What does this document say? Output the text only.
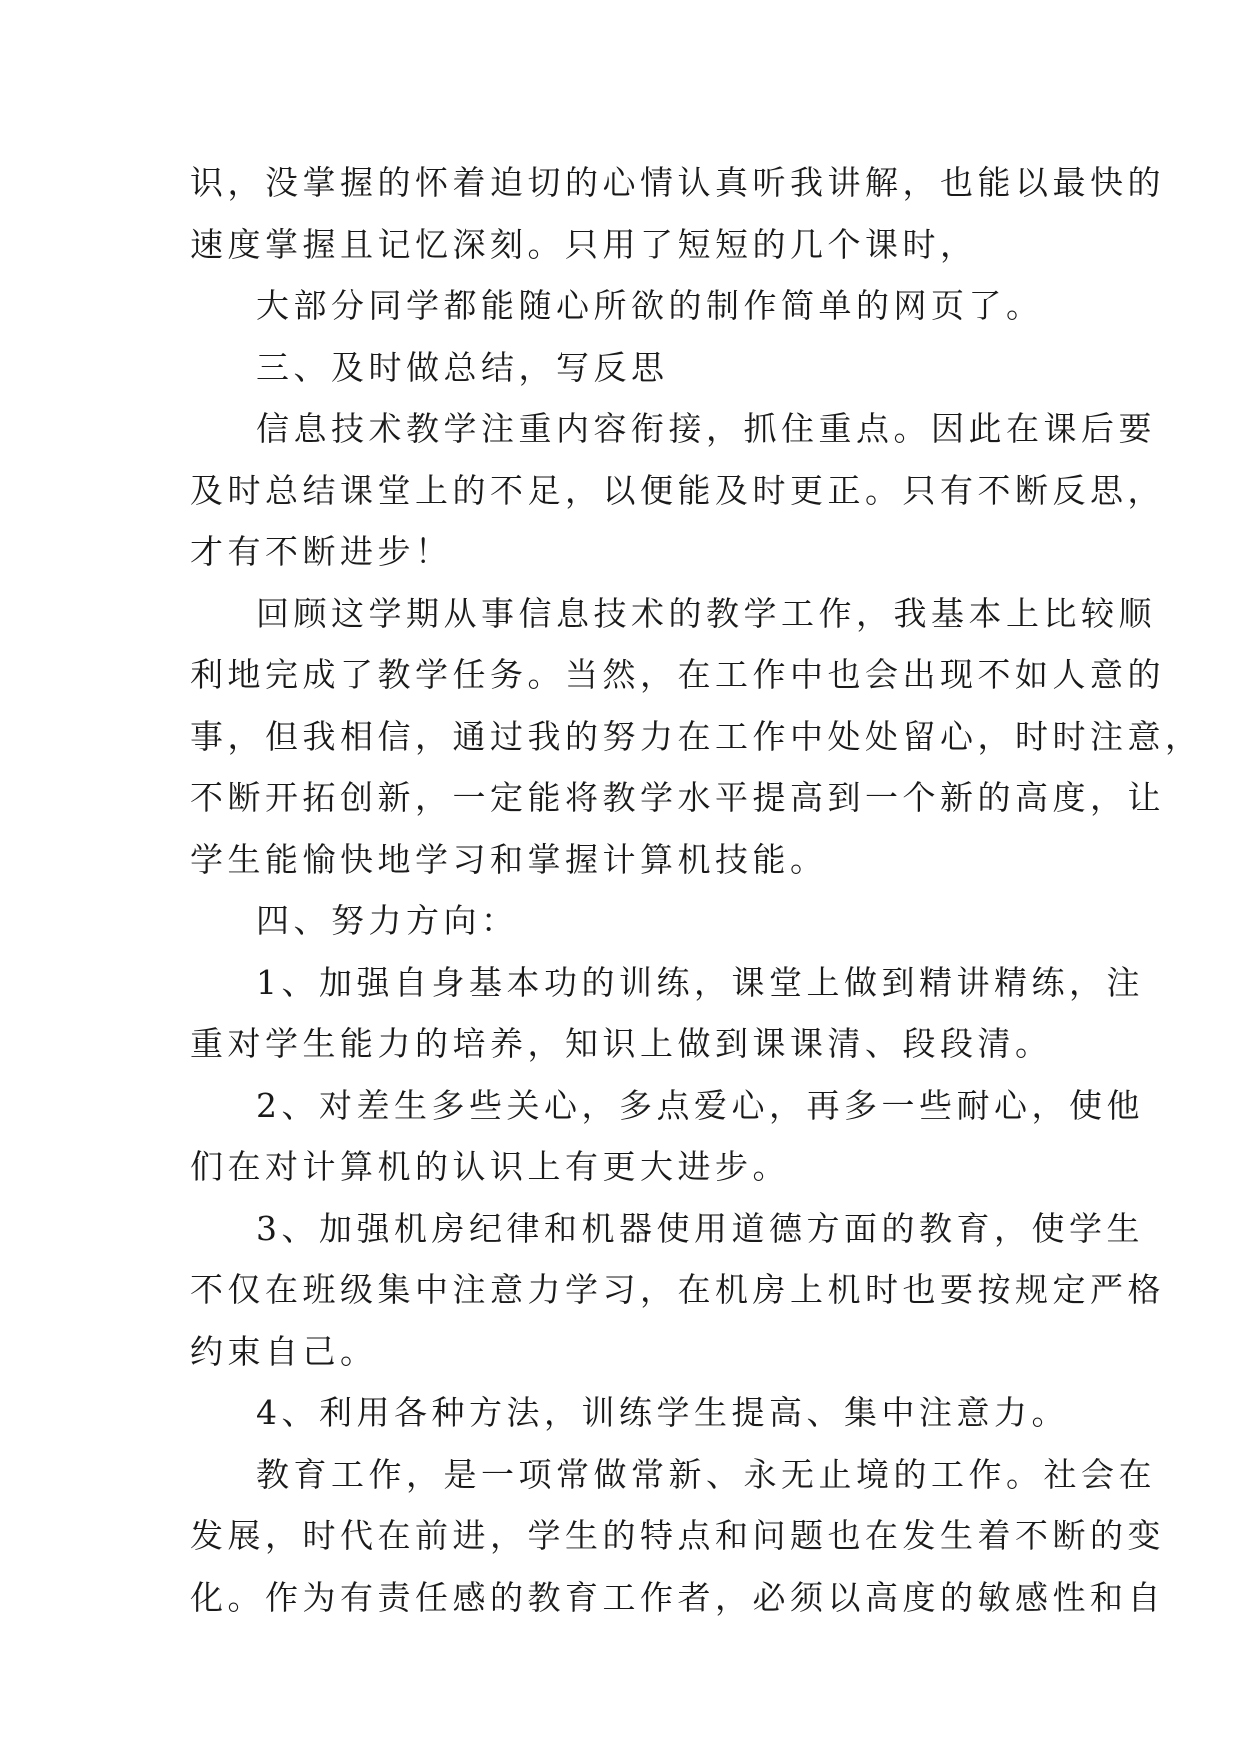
识，没掌握的怀着迫切的心情认真听我讲解，也能以最快的
速度掌握且记忆深刻。只用了短短的几个课时，
大部分同学都能随心所欲的制作简单的网页了。
三、及时做总结，写反思
信息技术教学注重内容衔接，抓住重点。因此在课后要
及时总结课堂上的不足，以便能及时更正。只有不断反思，
才有不断进步！
回顾这学期从事信息技术的教学工作，我基本上比较顺
利地完成了教学任务。当然，在工作中也会出现不如人意的
事，但我相信，通过我的努力在工作中处处留心，时时注意，
不断开拓创新，一定能将教学水平提高到一个新的高度，让
学生能愉快地学习和掌握计算机技能。
四、努力方向：
1、加强自身基本功的训练，课堂上做到精讲精练，注
重对学生能力的培养，知识上做到课课清、段段清。
2、对差生多些关心，多点爱心，再多一些耐心，使他
们在对计算机的认识上有更大进步。
3、加强机房纪律和机器使用道德方面的教育，使学生
不仅在班级集中注意力学习，在机房上机时也要按规定严格
约束自己。
4、利用各种方法，训练学生提高、集中注意力。
教育工作，是一项常做常新、永无止境的工作。社会在
发展，时代在前进，学生的特点和问题也在发生着不断的变
化。作为有责任感的教育工作者，必须以高度的敏感性和自
